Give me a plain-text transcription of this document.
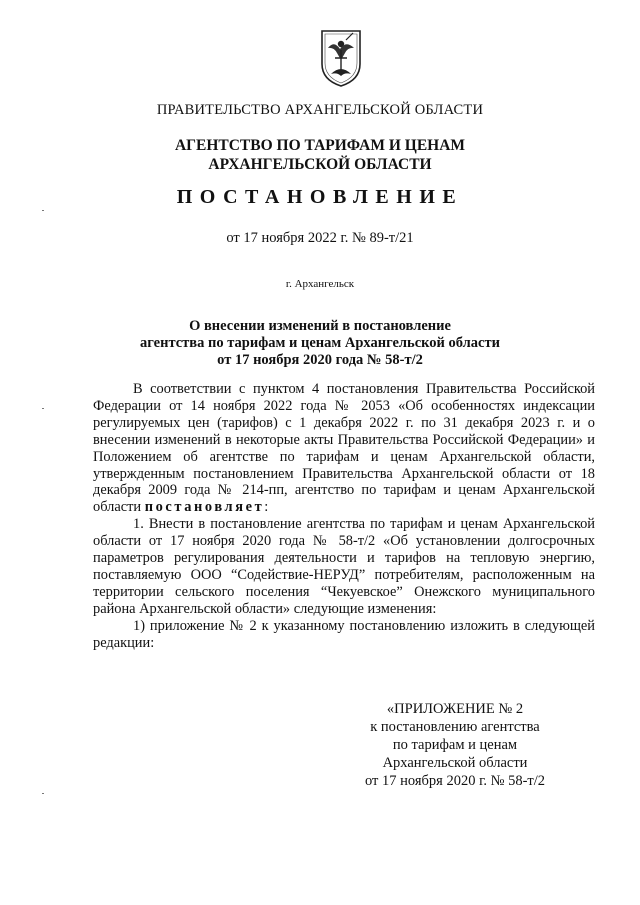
ПРАВИТЕЛЬСТВО АРХАНГЕЛЬСКОЙ ОБЛАСТИ
АГЕНТСТВО ПО ТАРИФАМ И ЦЕНАМ
АРХАНГЕЛЬСКОЙ ОБЛАСТИ
ПОСТАНОВЛЕНИЕ
от 17 ноября 2022 г. № 89-т/21
г. Архангельск
О внесении изменений в постановление
агентства по тарифам и ценам Архангельской области
от 17 ноября 2020 года № 58-т/2

В соответствии с пунктом 4 постановления Правительства Российской Федерации от 14 ноября 2022 года № 2053 «Об особенностях индексации регулируемых цен (тарифов) с 1 декабря 2022 г. по 31 декабря 2023 г. и о внесении изменений в некоторые акты Правительства Российской Федерации» и Положением об агентстве по тарифам и ценам Архангельской области, утвержденным постановлением Правительства Архангельской области от 18 декабря 2009 года № 214-пп, агентство по тарифам и ценам Архангельской области постановляет:

1. Внести в постановление агентства по тарифам и ценам Архангельской области от 17 ноября 2020 года № 58-т/2 «Об установлении долгосрочных параметров регулирования деятельности и тарифов на тепловую энергию, поставляемую ООО “Содействие-НЕРУД” потребителям, расположенным на территории сельского поселения “Чекуевское” Онежского муниципального района Архангельской области» следующие изменения:

1) приложение № 2 к указанному постановлению изложить в следующей редакции:

«ПРИЛОЖЕНИЕ № 2
к постановлению агентства
по тарифам и ценам
Архангельской области
от 17 ноября 2020 г. № 58-т/2
